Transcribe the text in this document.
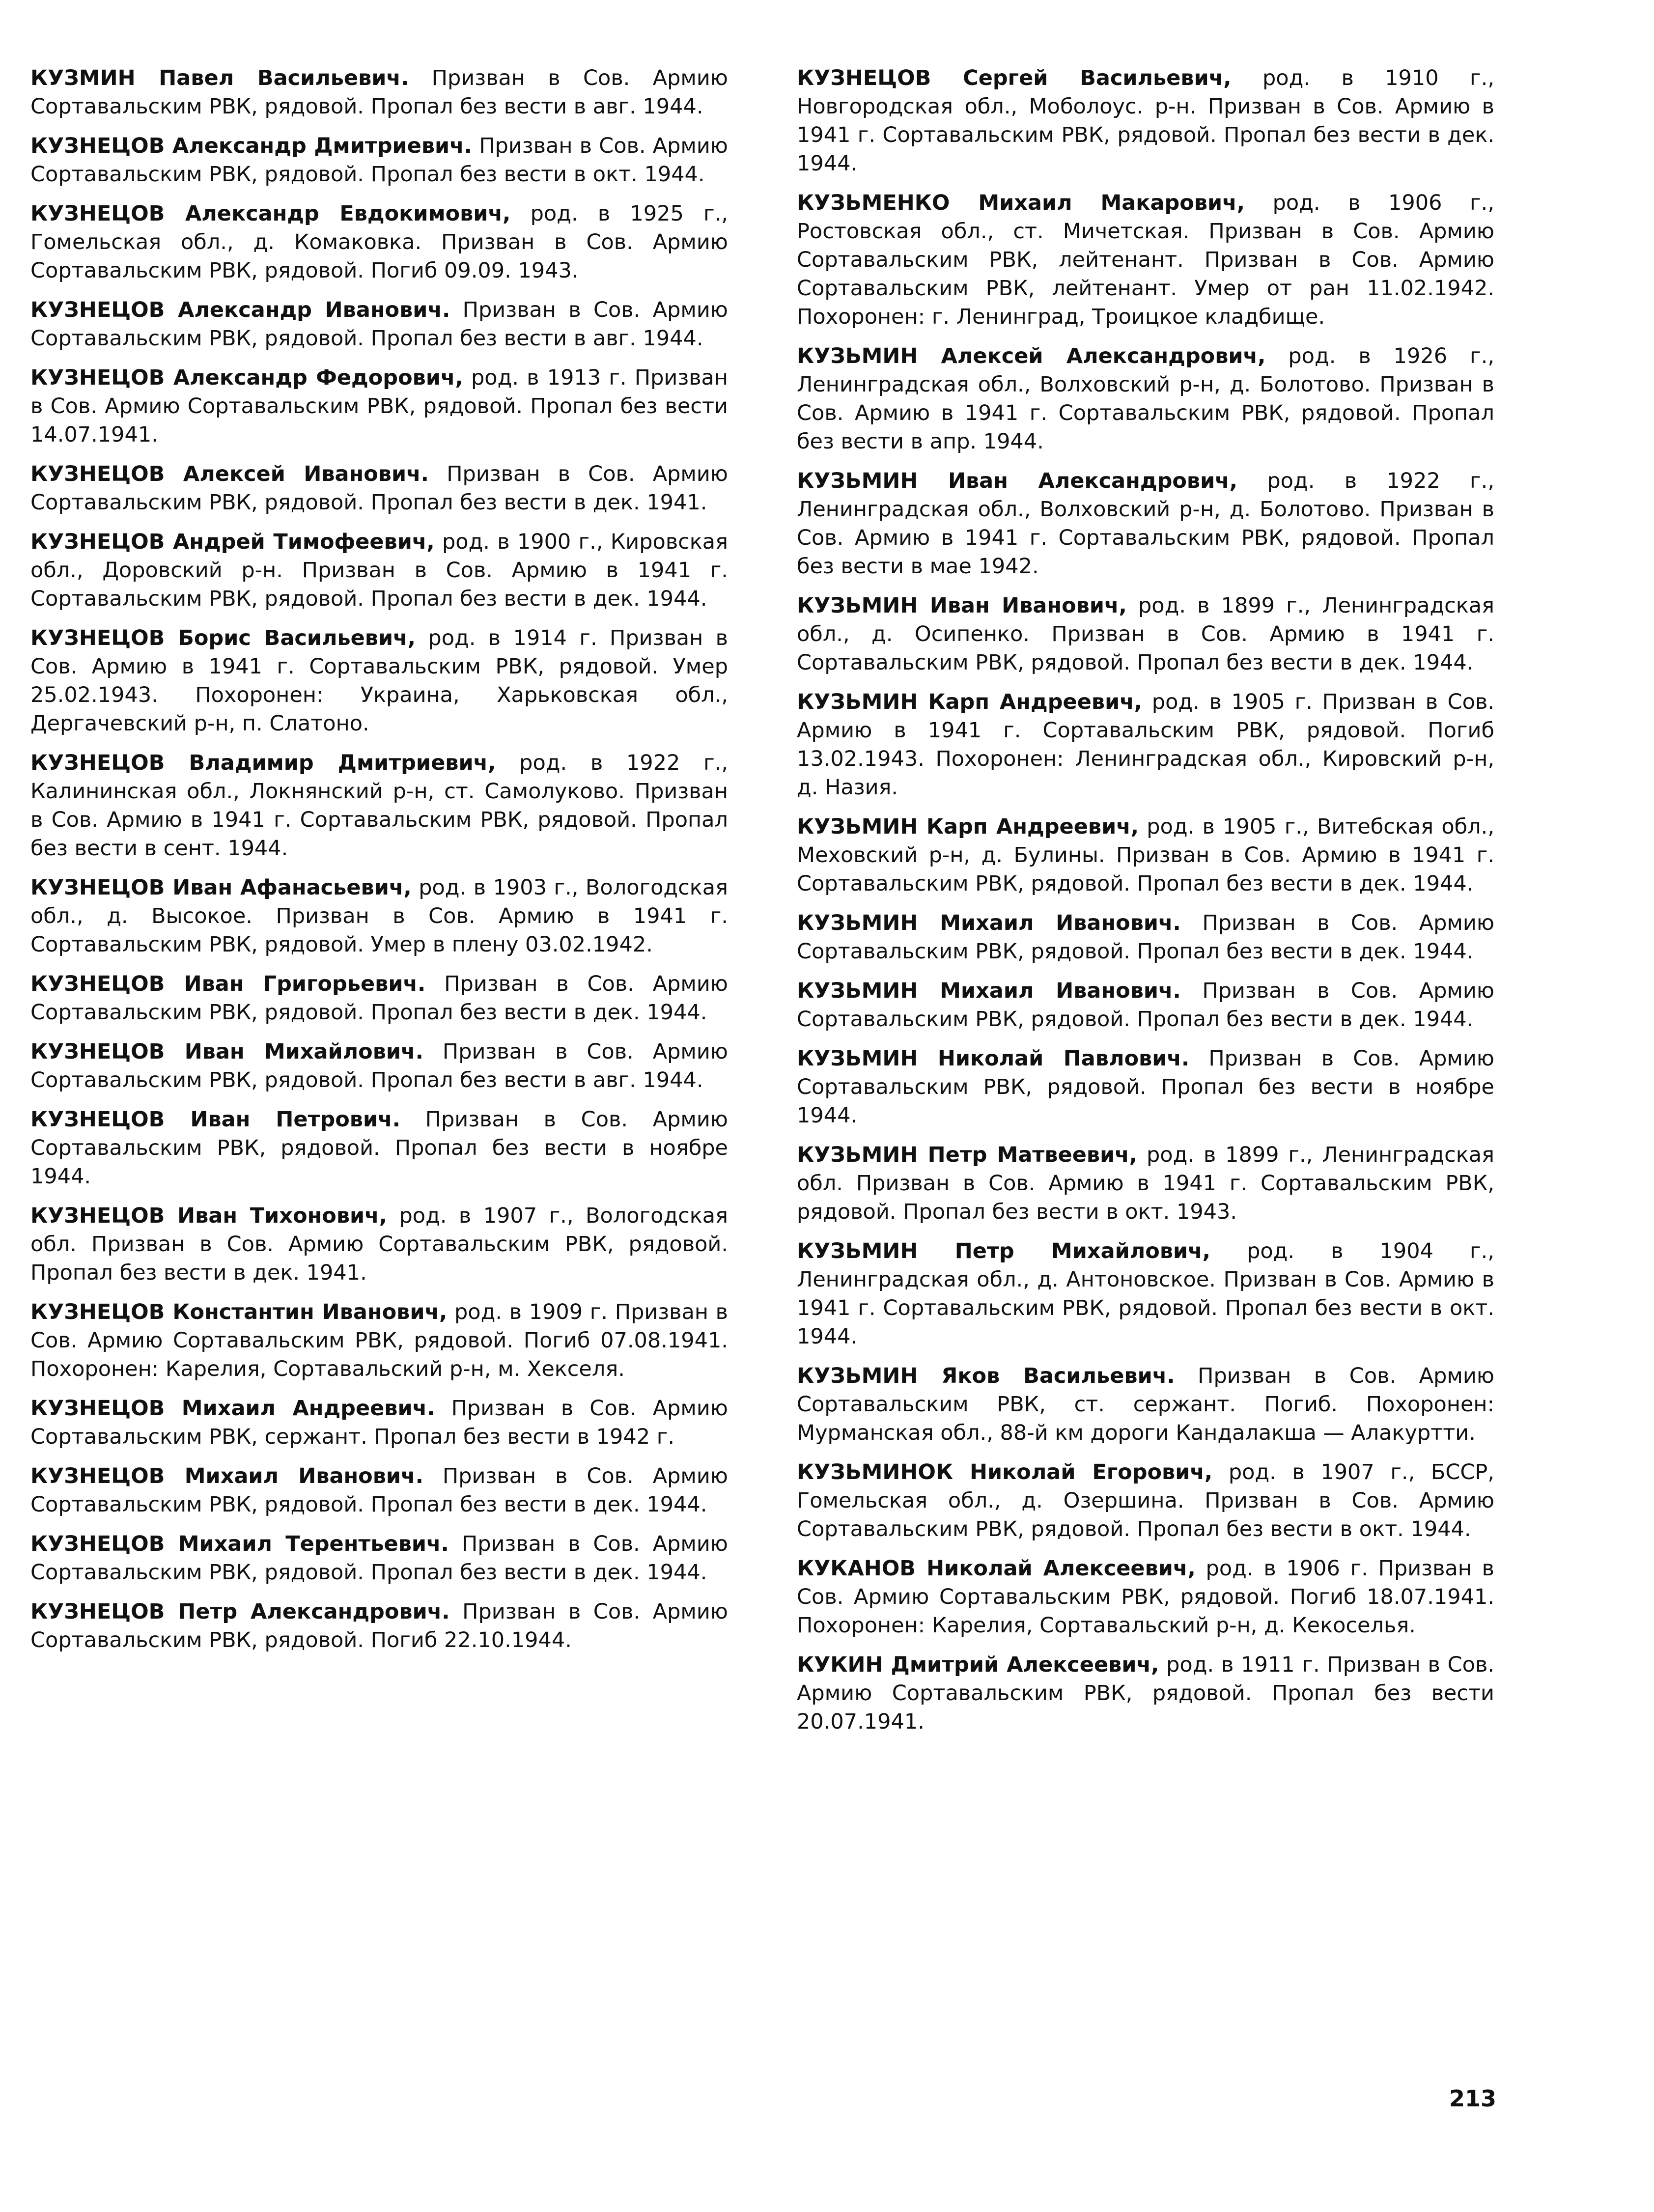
КУЗМИН Павел Васильевич. Призван в Сов. Армию Сортавальским РВК, рядовой. Пропал без вести в авг. 1944.

КУЗНЕЦОВ Александр Дмитриевич. Призван в Сов. Армию Сортавальским РВК, рядовой. Пропал без вести в окт. 1944.

КУЗНЕЦОВ Александр Евдокимович, род. в 1925 г., Гомельская обл., д. Комаковка. Призван в Сов. Армию Сортавальским РВК, рядовой. Погиб 09.09. 1943.

КУЗНЕЦОВ Александр Иванович. Призван в Сов. Армию Сортавальским РВК, рядовой. Пропал без вести в авг. 1944.

КУЗНЕЦОВ Александр Федорович, род. в 1913 г. Призван в Сов. Армию Сортавальским РВК, рядовой. Пропал без вести 14.07.1941.

КУЗНЕЦОВ Алексей Иванович. Призван в Сов. Армию Сортавальским РВК, рядовой. Пропал без вести в дек. 1941.

КУЗНЕЦОВ Андрей Тимофеевич, род. в 1900 г., Кировская обл., Доровский р-н. Призван в Сов. Армию в 1941 г. Сортавальским РВК, рядовой. Пропал без вести в дек. 1944.

КУЗНЕЦОВ Борис Васильевич, род. в 1914 г. Призван в Сов. Армию в 1941 г. Сортавальским РВК, рядовой. Умер 25.02.1943. Похоронен: Украина, Харьковская обл., Дергачевский р-н, п. Слатоно.

КУЗНЕЦОВ Владимир Дмитриевич, род. в 1922 г., Калининская обл., Локнянский р-н, ст. Самолуково. Призван в Сов. Армию в 1941 г. Сортавальским РВК, рядовой. Пропал без вести в сент. 1944.

КУЗНЕЦОВ Иван Афанасьевич, род. в 1903 г., Вологодская обл., д. Высокое. Призван в Сов. Армию в 1941 г. Сортавальским РВК, рядовой. Умер в плену 03.02.1942.

КУЗНЕЦОВ Иван Григорьевич. Призван в Сов. Армию Сортавальским РВК, рядовой. Пропал без вести в дек. 1944.

КУЗНЕЦОВ Иван Михайлович. Призван в Сов. Армию Сортавальским РВК, рядовой. Пропал без вести в авг. 1944.

КУЗНЕЦОВ Иван Петрович. Призван в Сов. Армию Сортавальским РВК, рядовой. Пропал без вести в ноябре 1944.

КУЗНЕЦОВ Иван Тихонович, род. в 1907 г., Вологодская обл. Призван в Сов. Армию Сортавальским РВК, рядовой. Пропал без вести в дек. 1941.

КУЗНЕЦОВ Константин Иванович, род. в 1909 г. Призван в Сов. Армию Сортавальским РВК, рядовой. Погиб 07.08.1941. Похоронен: Карелия, Сортавальский р-н, м. Хекселя.

КУЗНЕЦОВ Михаил Андреевич. Призван в Сов. Армию Сортавальским РВК, сержант. Пропал без вести в 1942 г.

КУЗНЕЦОВ Михаил Иванович. Призван в Сов. Армию Сортавальским РВК, рядовой. Пропал без вести в дек. 1944.

КУЗНЕЦОВ Михаил Терентьевич. Призван в Сов. Армию Сортавальским РВК, рядовой. Пропал без вести в дек. 1944.

КУЗНЕЦОВ Петр Александрович. Призван в Сов. Армию Сортавальским РВК, рядовой. Погиб 22.10.1944.

КУЗНЕЦОВ Сергей Васильевич, род. в 1910 г., Новгородская обл., Моболоус. р-н. Призван в Сов. Армию в 1941 г. Сортавальским РВК, рядовой. Пропал без вести в дек. 1944.

КУЗЬМЕНКО Михаил Макарович, род. в 1906 г., Ростовская обл., ст. Мичетская. Призван в Сов. Армию Сортавальским РВК, лейтенант. Призван в Сов. Армию Сортавальским РВК, лейтенант. Умер от ран 11.02.1942. Похоронен: г. Ленинград, Троицкое кладбище.

КУЗЬМИН Алексей Александрович, род. в 1926 г., Ленинградская обл., Волховский р-н, д. Болотово. Призван в Сов. Армию в 1941 г. Сортавальским РВК, рядовой. Пропал без вести в апр. 1944.

КУЗЬМИН Иван Александрович, род. в 1922 г., Ленинградская обл., Волховский р-н, д. Болотово. Призван в Сов. Армию в 1941 г. Сортавальским РВК, рядовой. Пропал без вести в мае 1942.

КУЗЬМИН Иван Иванович, род. в 1899 г., Ленинградская обл., д. Осипенко. Призван в Сов. Армию в 1941 г. Сортавальским РВК, рядовой. Пропал без вести в дек. 1944.

КУЗЬМИН Карп Андреевич, род. в 1905 г. Призван в Сов. Армию в 1941 г. Сортавальским РВК, рядовой. Погиб 13.02.1943. Похоронен: Ленинградская обл., Кировский р-н, д. Назия.

КУЗЬМИН Карп Андреевич, род. в 1905 г., Витебская обл., Меховский р-н, д. Булины. Призван в Сов. Армию в 1941 г. Сортавальским РВК, рядовой. Пропал без вести в дек. 1944.

КУЗЬМИН Михаил Иванович. Призван в Сов. Армию Сортавальским РВК, рядовой. Пропал без вести в дек. 1944.

КУЗЬМИН Михаил Иванович. Призван в Сов. Армию Сортавальским РВК, рядовой. Пропал без вести в дек. 1944.

КУЗЬМИН Николай Павлович. Призван в Сов. Армию Сортавальским РВК, рядовой. Пропал без вести в ноябре 1944.

КУЗЬМИН Петр Матвеевич, род. в 1899 г., Ленинградская обл. Призван в Сов. Армию в 1941 г. Сортавальским РВК, рядовой. Пропал без вести в окт. 1943.

КУЗЬМИН Петр Михайлович, род. в 1904 г., Ленинградская обл., д. Антоновское. Призван в Сов. Армию в 1941 г. Сортавальским РВК, рядовой. Пропал без вести в окт. 1944.

КУЗЬМИН Яков Васильевич. Призван в Сов. Армию Сортавальским РВК, ст. сержант. Погиб. Похоронен: Мурманская обл., 88-й км дороги Кандалакша — Алакуртти.

КУЗЬМИНОК Николай Егорович, род. в 1907 г., БССР, Гомельская обл., д. Озершина. Призван в Сов. Армию Сортавальским РВК, рядовой. Пропал без вести в окт. 1944.

КУКАНОВ Николай Алексеевич, род. в 1906 г. Призван в Сов. Армию Сортавальским РВК, рядовой. Погиб 18.07.1941. Похоронен: Карелия, Сортавальский р-н, д. Кекоселья.

КУКИН Дмитрий Алексеевич, род. в 1911 г. Призван в Сов. Армию Сортавальским РВК, рядовой. Пропал без вести 20.07.1941.

213
